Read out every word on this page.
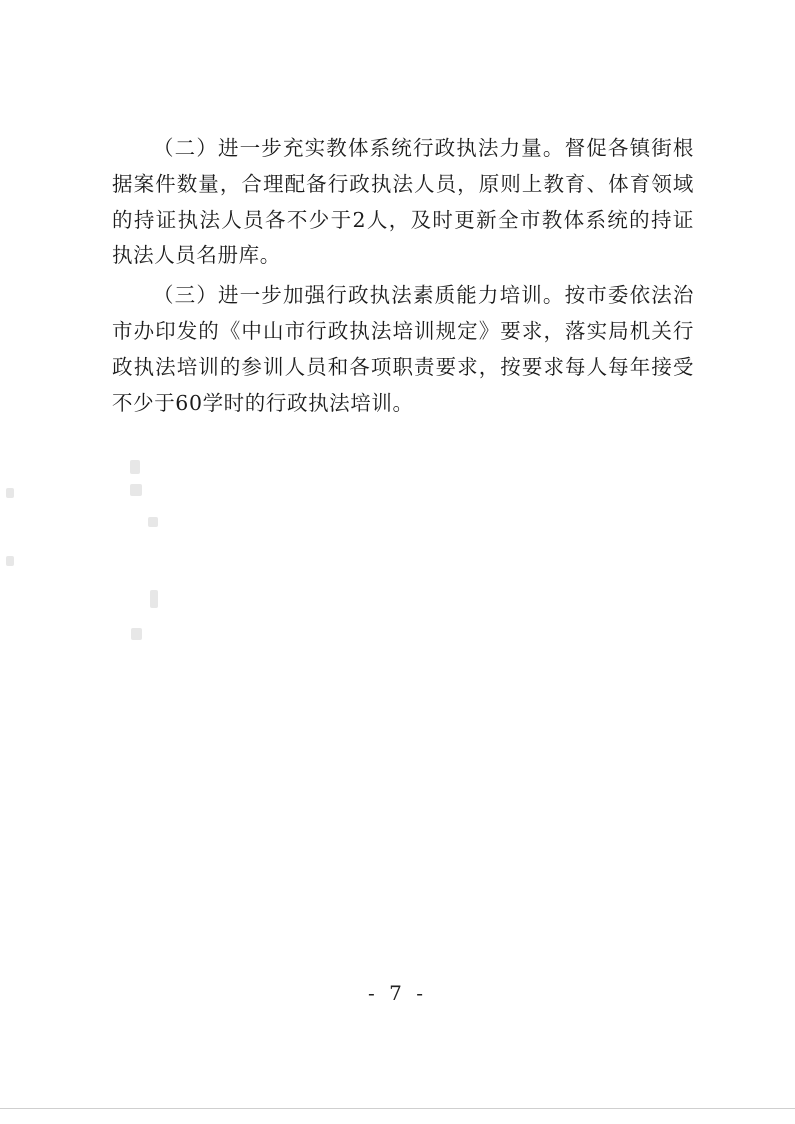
（二）进一步充实教体系统行政执法力量。督促各镇街根据案件数量，合理配备行政执法人员，原则上教育、体育领域的持证执法人员各不少于2人，及时更新全市教体系统的持证执法人员名册库。

（三）进一步加强行政执法素质能力培训。按市委依法治市办印发的《中山市行政执法培训规定》要求，落实局机关行政执法培训的参训人员和各项职责要求，按要求每人每年接受不少于60学时的行政执法培训。

- 7 -
